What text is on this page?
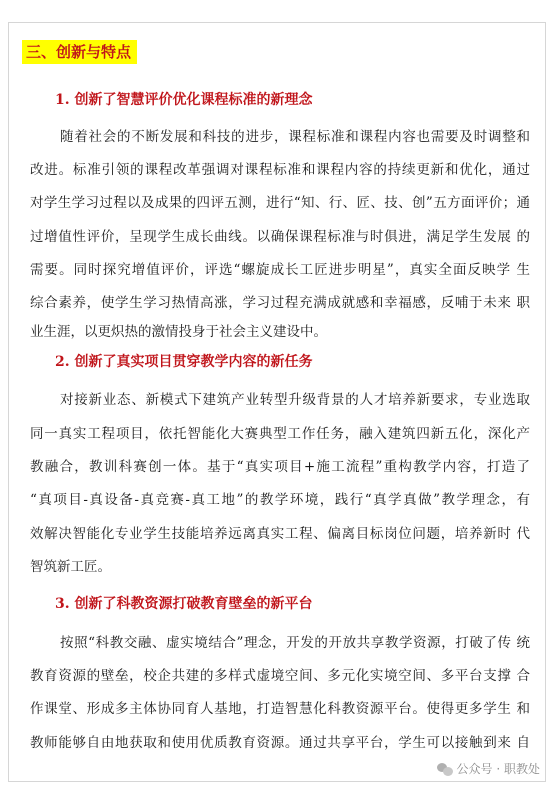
三、创新与特点
1. 创新了智慧评价优化课程标准的新理念
随着社会的不断发展和科技的进步，课程标准和课程内容也需要及时调整和
改进。标准引领的课程改革强调对课程标准和课程内容的持续更新和优化，通过
对学生学习过程以及成果的四评五测，进行“知、行、匠、技、创”五方面评价；通
过增值性评价，呈现学生成长曲线。以确保课程标准与时俱进，满足学生发展 的
需要。同时探究增值评价，评选“螺旋成长工匠进步明星”，真实全面反映学 生
综合素养，使学生学习热情高涨，学习过程充满成就感和幸福感，反哺于未来 职
业生涯，以更炽热的激情投身于社会主义建设中。
2. 创新了真实项目贯穿教学内容的新任务
对接新业态、新模式下建筑产业转型升级背景的人才培养新要求，专业选取
同一真实工程项目，依托智能化大赛典型工作任务，融入建筑四新五化，深化产
教融合，教训科赛创一体。基于“真实项目+施工流程”重构教学内容，打造了
“真项目-真设备-真竞赛-真工地”的教学环境，践行“真学真做”教学理念，有
效解决智能化专业学生技能培养远离真实工程、偏离目标岗位问题，培养新时 代
智筑新工匠。
3. 创新了科教资源打破教育壁垒的新平台
按照“科教交融、虚实境结合”理念，开发的开放共享教学资源，打破了传 统
教育资源的壁垒，校企共建的多样式虚境空间、多元化实境空间、多平台支撑 合
作课堂、形成多主体协同育人基地，打造智慧化科教资源平台。使得更多学生 和
教师能够自由地获取和使用优质教育资源。通过共享平台，学生可以接触到来 自
公众号 · 职教处
